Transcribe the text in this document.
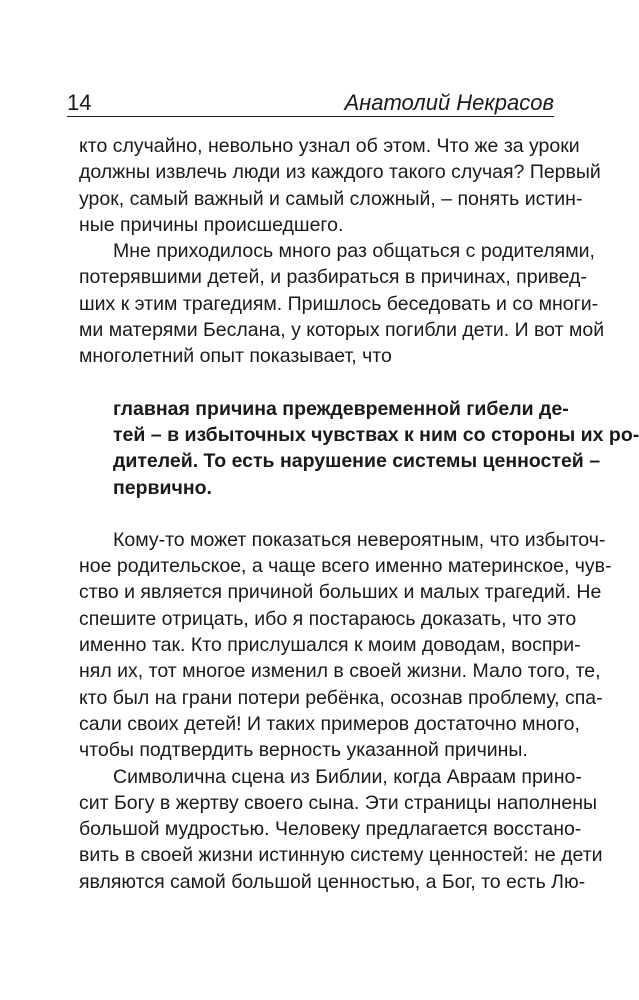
14	Анатолий Некрасов
кто случайно, невольно узнал об этом. Что же за уроки
должны извлечь люди из каждого такого случая? Первый
урок, самый важный и самый сложный, – понять истин-
ные причины происшедшего.
Мне приходилось много раз общаться с родителями,
потерявшими детей, и разбираться в причинах, привед-
ших к этим трагедиям. Пришлось беседовать и со многи-
ми матерями Беслана, у которых погибли дети. И вот мой
многолетний опыт показывает, что
главная причина преждевременной гибели де-
тей – в избыточных чувствах к ним со стороны их ро-
дителей. То есть нарушение системы ценностей –
первично.
Кому-то может показаться невероятным, что избыточ-
ное родительское, а чаще всего именно материнское, чув-
ство и является причиной больших и малых трагедий. Не
спешите отрицать, ибо я постараюсь доказать, что это
именно так. Кто прислушался к моим доводам, воспри-
нял их, тот многое изменил в своей жизни. Мало того, те,
кто был на грани потери ребёнка, осознав проблему, спа-
сали своих детей! И таких примеров достаточно много,
чтобы подтвердить верность указанной причины.
Символична сцена из Библии, когда Авраам прино-
сит Богу в жертву своего сына. Эти страницы наполнены
большой мудростью. Человеку предлагается восстано-
вить в своей жизни истинную систему ценностей: не дети
являются самой большой ценностью, а Бог, то есть Лю-
